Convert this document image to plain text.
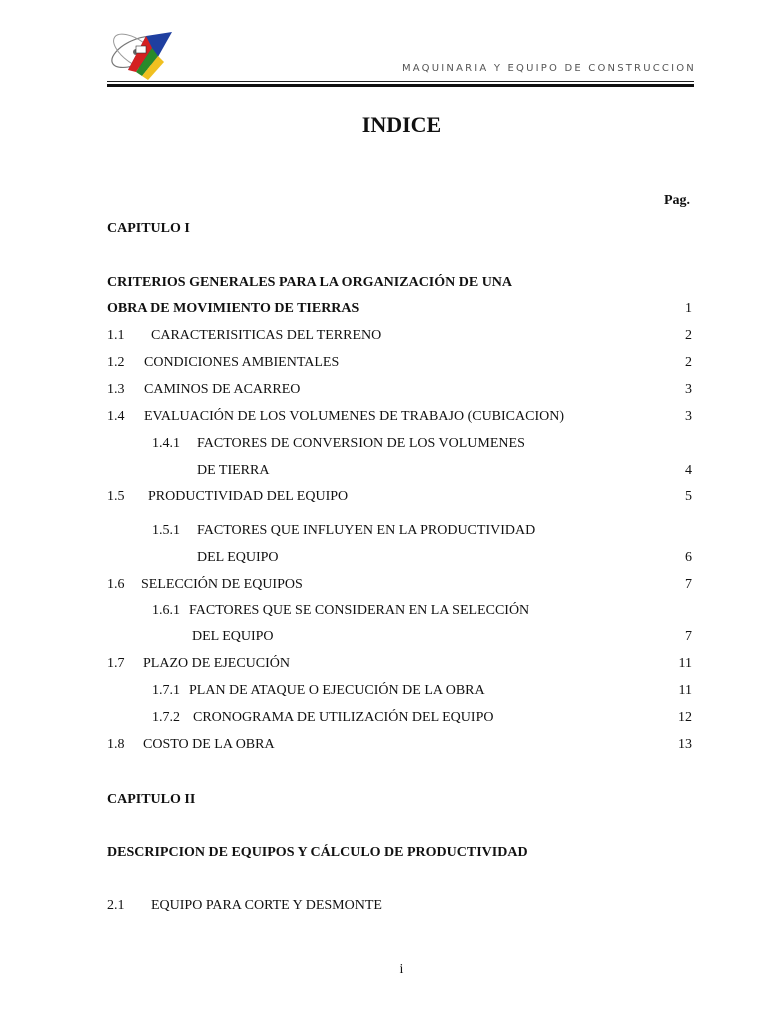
MAQUINARIA Y EQUIPO DE CONSTRUCCION
INDICE
Pag.
CAPITULO I
CRITERIOS GENERALES PARA LA ORGANIZACIÓN DE UNA
OBRA DE MOVIMIENTO DE TIERRAS	1
1.1 CARACTERISITICAS DEL TERRENO	2
1.2 CONDICIONES AMBIENTALES	2
1.3 CAMINOS DE ACARREO	3
1.4 EVALUACIÓN DE LOS VOLUMENES DE TRABAJO (CUBICACION)	3
1.4.1 FACTORES DE CONVERSION DE LOS VOLUMENES
DE TIERRA	4
1.5 PRODUCTIVIDAD DEL EQUIPO	5
1.5.1 FACTORES QUE INFLUYEN EN LA PRODUCTIVIDAD
DEL EQUIPO	6
1.6 SELECCIÓN DE EQUIPOS	7
1.6.1 FACTORES QUE SE CONSIDERAN EN LA SELECCIÓN
DEL EQUIPO	7
1.7 PLAZO DE EJECUCIÓN	11
1.7.1 PLAN DE ATAQUE O EJECUCIÓN DE LA OBRA	11
1.7.2 CRONOGRAMA DE UTILIZACIÓN DEL EQUIPO	12
1.8 COSTO DE LA OBRA	13
CAPITULO II
DESCRIPCION DE EQUIPOS Y CÁLCULO DE PRODUCTIVIDAD
2.1 EQUIPO PARA CORTE Y DESMONTE
i
